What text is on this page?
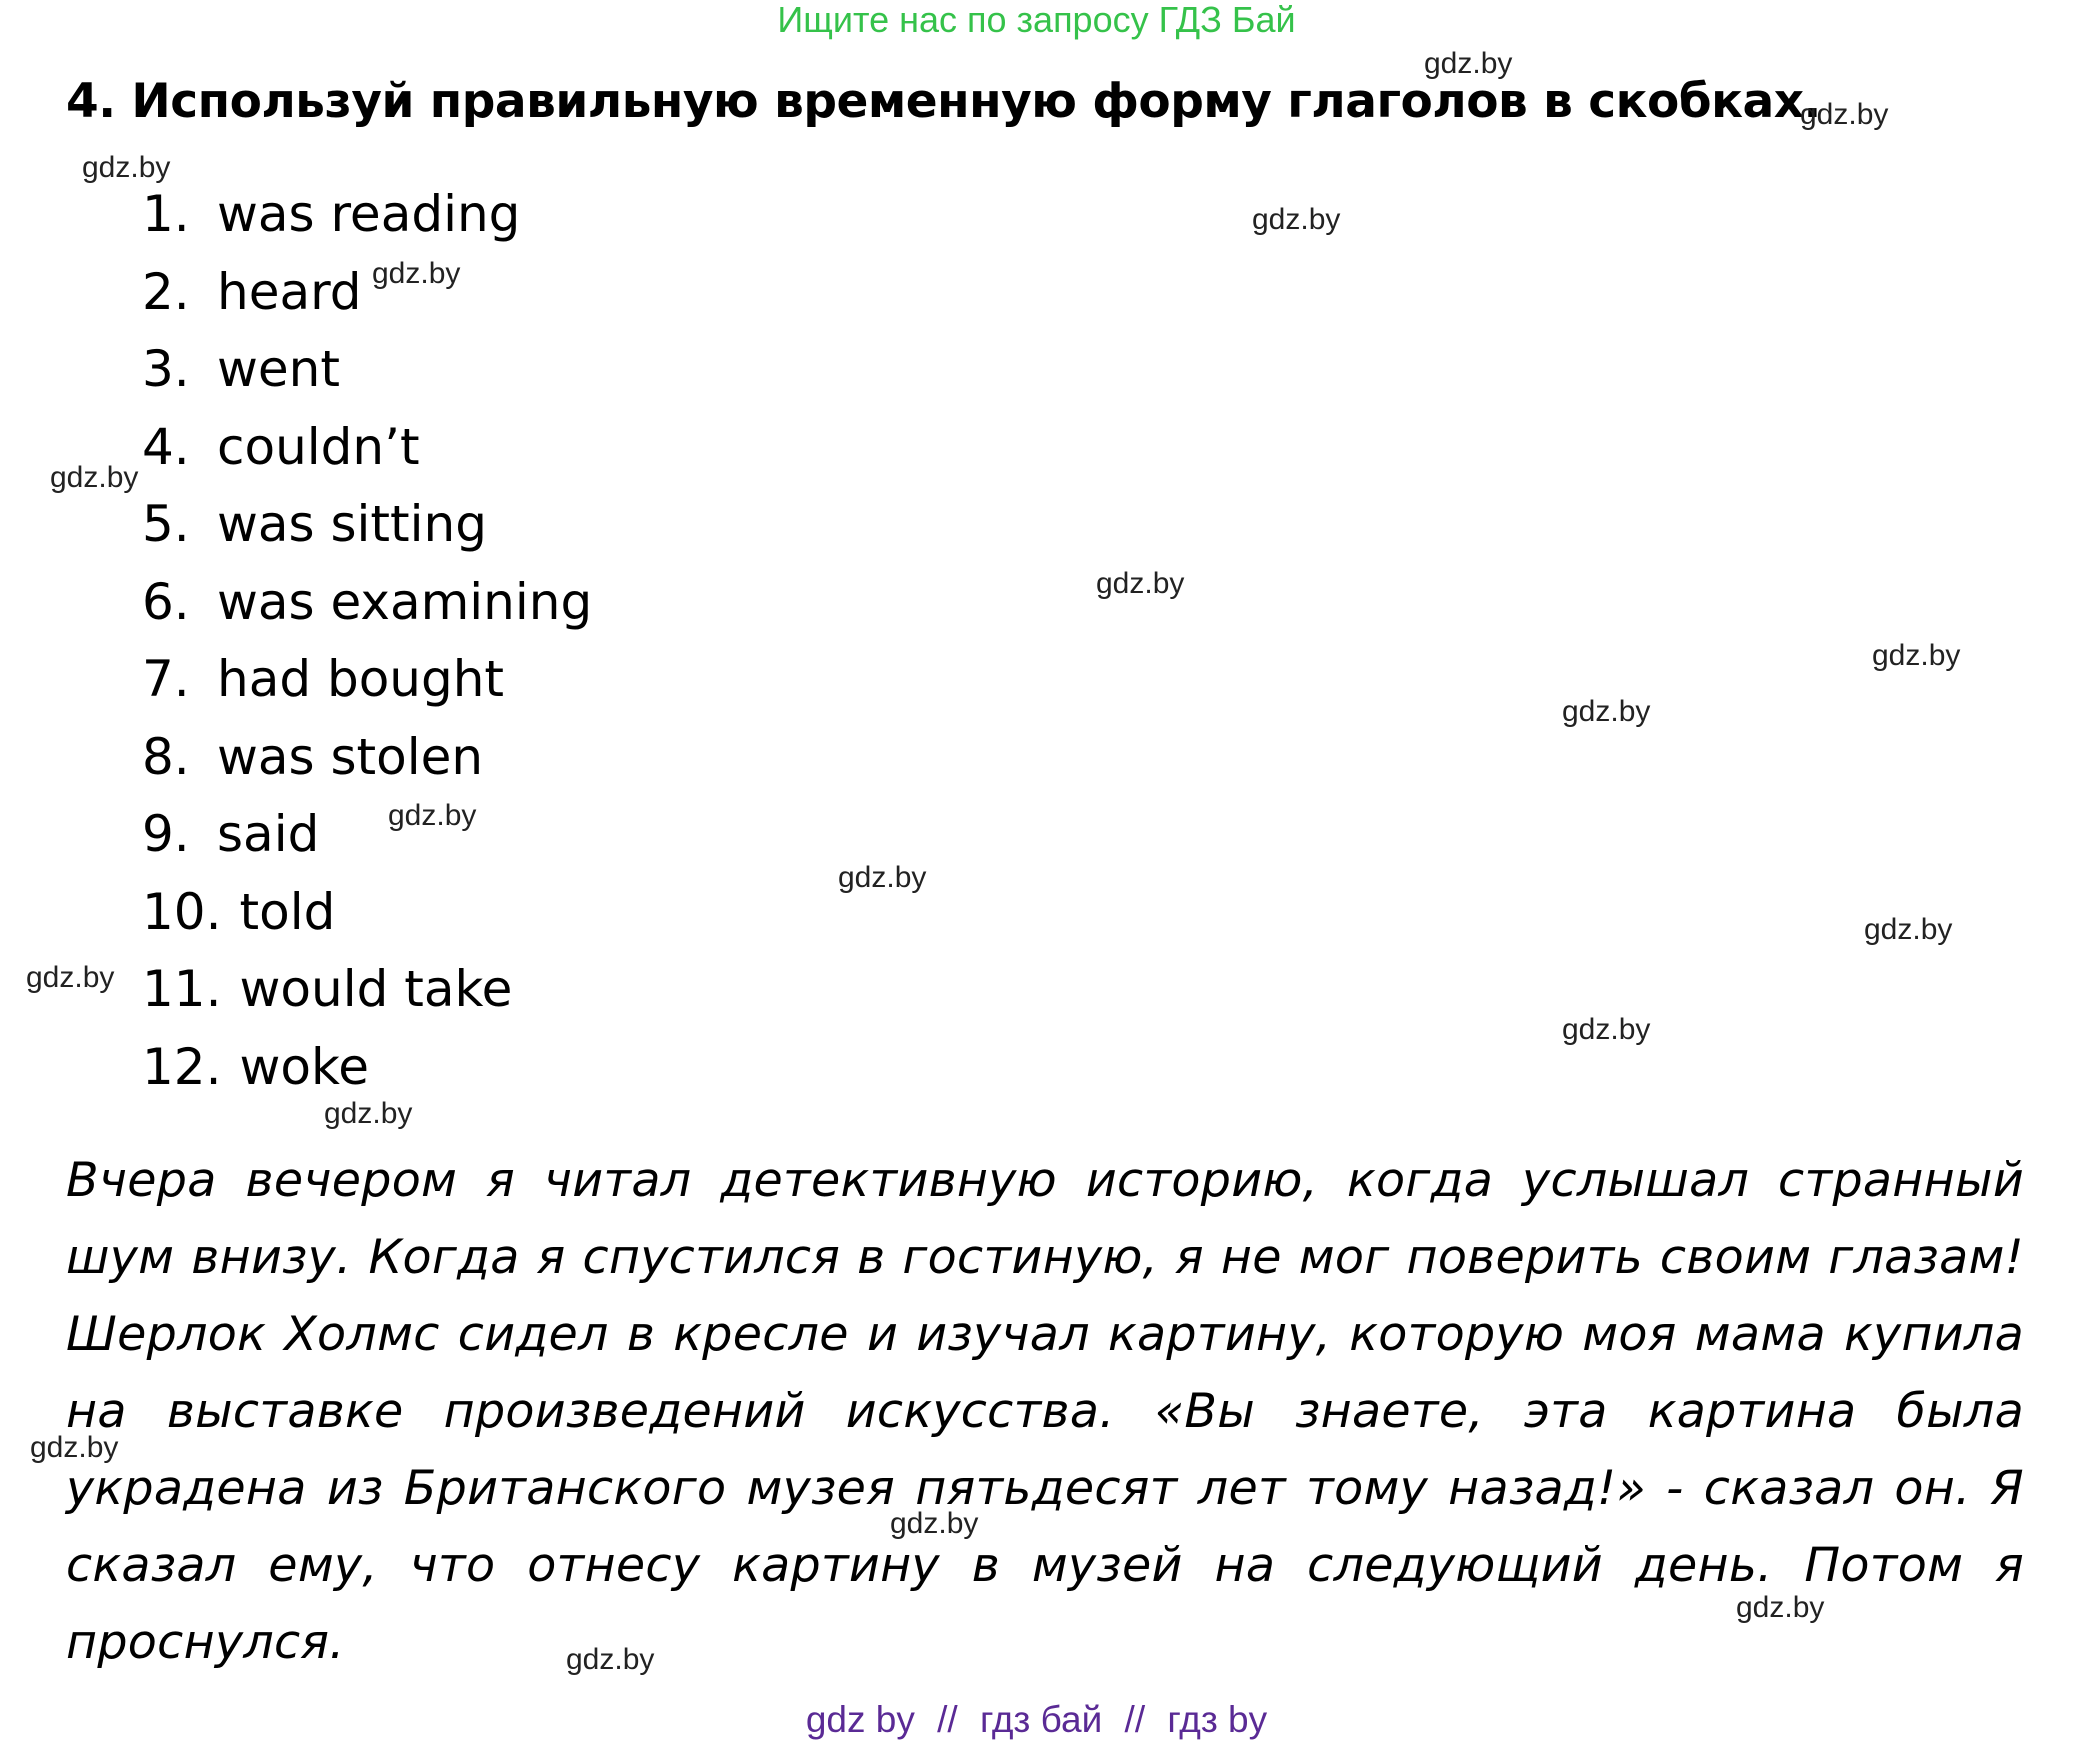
Ищите нас по запросу ГДЗ Бай
4. Используй правильную временную форму глаголов в скобках.
1. was reading
2. heard
3. went
4. couldn’t
5. was sitting
6. was examining
7. had bought
8. was stolen
9. said
10. told
11. would take
12. woke
Вчера вечером я читал детективную историю, когда услышал странный шум внизу. Когда я спустился в гостиную, я не мог поверить своим глазам! Шерлок Холмс сидел в кресле и изучал картину, которую моя мама купила на выставке произведений искусства. «Вы знаете, эта картина была украдена из Британского музея пятьдесят лет тому назад!» - сказал он. Я сказал ему, что отнесу картину в музей на следующий день. Потом я проснулся.
gdz.by
gdz.by
gdz.by
gdz.by
gdz.by
gdz.by
gdz.by
gdz.by
gdz.by
gdz.by
gdz.by
gdz.by
gdz.by
gdz.by
gdz.by
gdz.by
gdz.by
gdz.by
gdz.by
gdz by // гдз бай // гдз by
